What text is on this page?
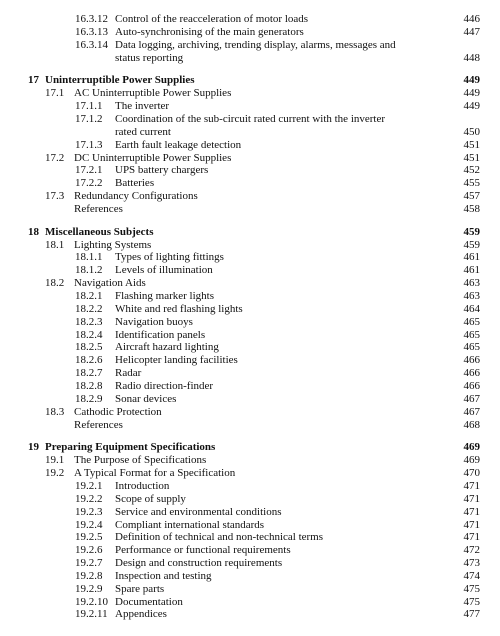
16.3.12 Control of the reacceleration of motor loads	446
16.3.13 Auto-synchronising of the main generators	447
16.3.14 Data logging, archiving, trending display, alarms, messages and
status reporting	448
17 Uninterruptible Power Supplies	449
17.1 AC Uninterruptible Power Supplies	449
17.1.1 The inverter	449
17.1.2 Coordination of the sub-circuit rated current with the inverter
rated current	450
17.1.3 Earth fault leakage detection	451
17.2 DC Uninterruptible Power Supplies	451
17.2.1 UPS battery chargers	452
17.2.2 Batteries	455
17.3 Redundancy Configurations	457
References	458
18 Miscellaneous Subjects	459
18.1 Lighting Systems	459
18.1.1 Types of lighting fittings	461
18.1.2 Levels of illumination	461
18.2 Navigation Aids	463
18.2.1 Flashing marker lights	463
18.2.2 White and red flashing lights	464
18.2.3 Navigation buoys	465
18.2.4 Identification panels	465
18.2.5 Aircraft hazard lighting	465
18.2.6 Helicopter landing facilities	466
18.2.7 Radar	466
18.2.8 Radio direction-finder	466
18.2.9 Sonar devices	467
18.3 Cathodic Protection	467
References	468
19 Preparing Equipment Specifications	469
19.1 The Purpose of Specifications	469
19.2 A Typical Format for a Specification	470
19.2.1 Introduction	471
19.2.2 Scope of supply	471
19.2.3 Service and environmental conditions	471
19.2.4 Compliant international standards	471
19.2.5 Definition of technical and non-technical terms	471
19.2.6 Performance or functional requirements	472
19.2.7 Design and construction requirements	473
19.2.8 Inspection and testing	474
19.2.9 Spare parts	475
19.2.10 Documentation	475
19.2.11 Appendices	477
